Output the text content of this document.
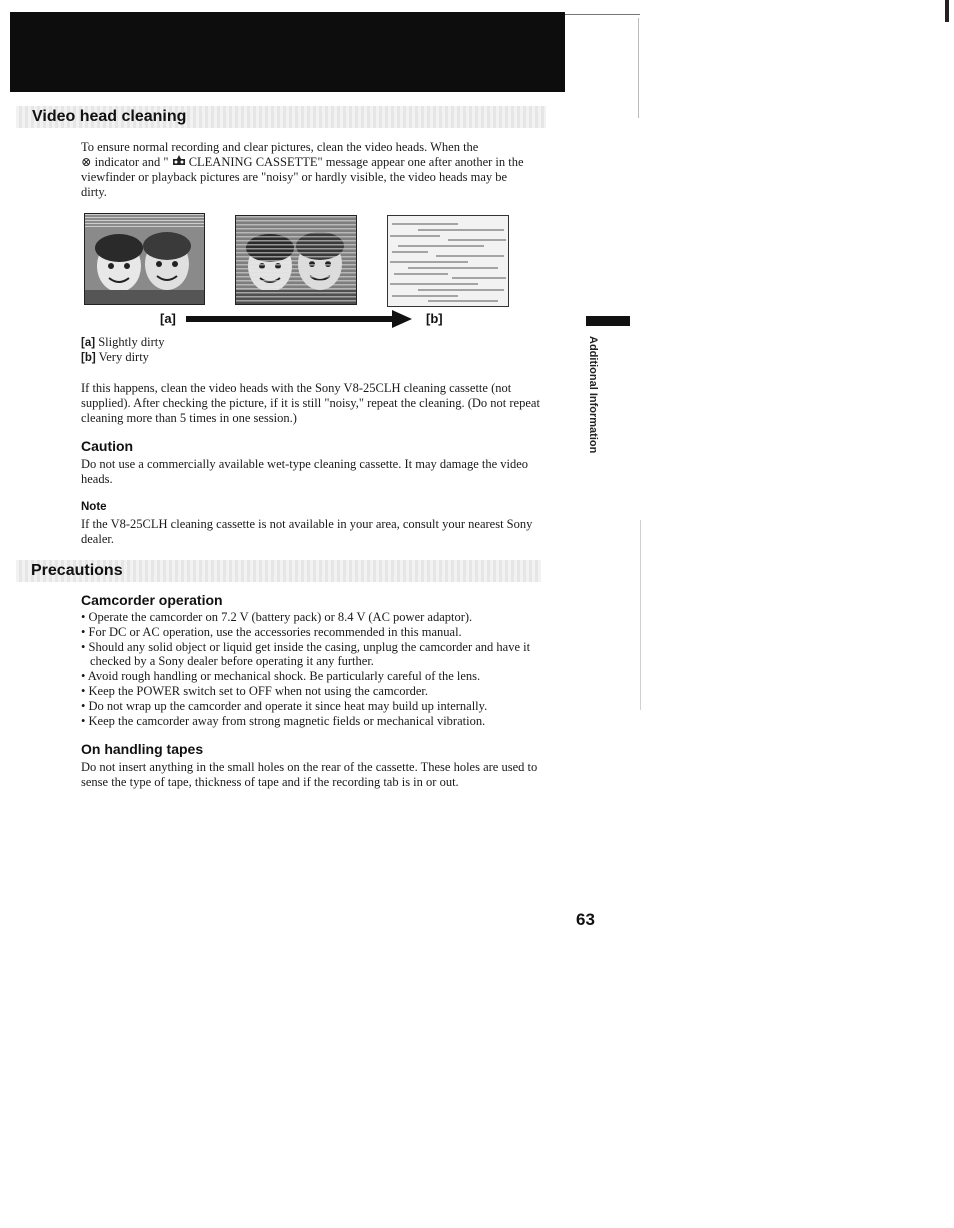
Video head cleaning
To ensure normal recording and clear pictures, clean the video heads. When the
⊗ indicator and "  CLEANING CASSETTE" message appear one after another in the
viewfinder or playback pictures are "noisy" or hardly visible, the video heads may be
dirty.
[a]	[b]
[a] Slightly dirty
[b] Very dirty
If this happens, clean the video heads with the Sony V8-25CLH cleaning cassette (not supplied). After checking the picture, if it is still "noisy," repeat the cleaning. (Do not repeat cleaning more than 5 times in one session.)
Caution
Do not use a commercially available wet-type cleaning cassette. It may damage the video heads.
Note
If the V8-25CLH cleaning cassette is not available in your area, consult your nearest Sony dealer.
Precautions
Camcorder operation
• Operate the camcorder on 7.2 V (battery pack) or 8.4 V (AC power adaptor).
• For DC or AC operation, use the accessories recommended in this manual.
• Should any solid object or liquid get inside the casing, unplug the camcorder and have it checked by a Sony dealer before operating it any further.
• Avoid rough handling or mechanical shock. Be particularly careful of the lens.
• Keep the POWER switch set to OFF when not using the camcorder.
• Do not wrap up the camcorder and operate it since heat may build up internally.
• Keep the camcorder away from strong magnetic fields or mechanical vibration.
On handling tapes
Do not insert anything in the small holes on the rear of the cassette. These holes are used to sense the type of tape, thickness of tape and if the recording tab is in or out.
Additional Information
63
